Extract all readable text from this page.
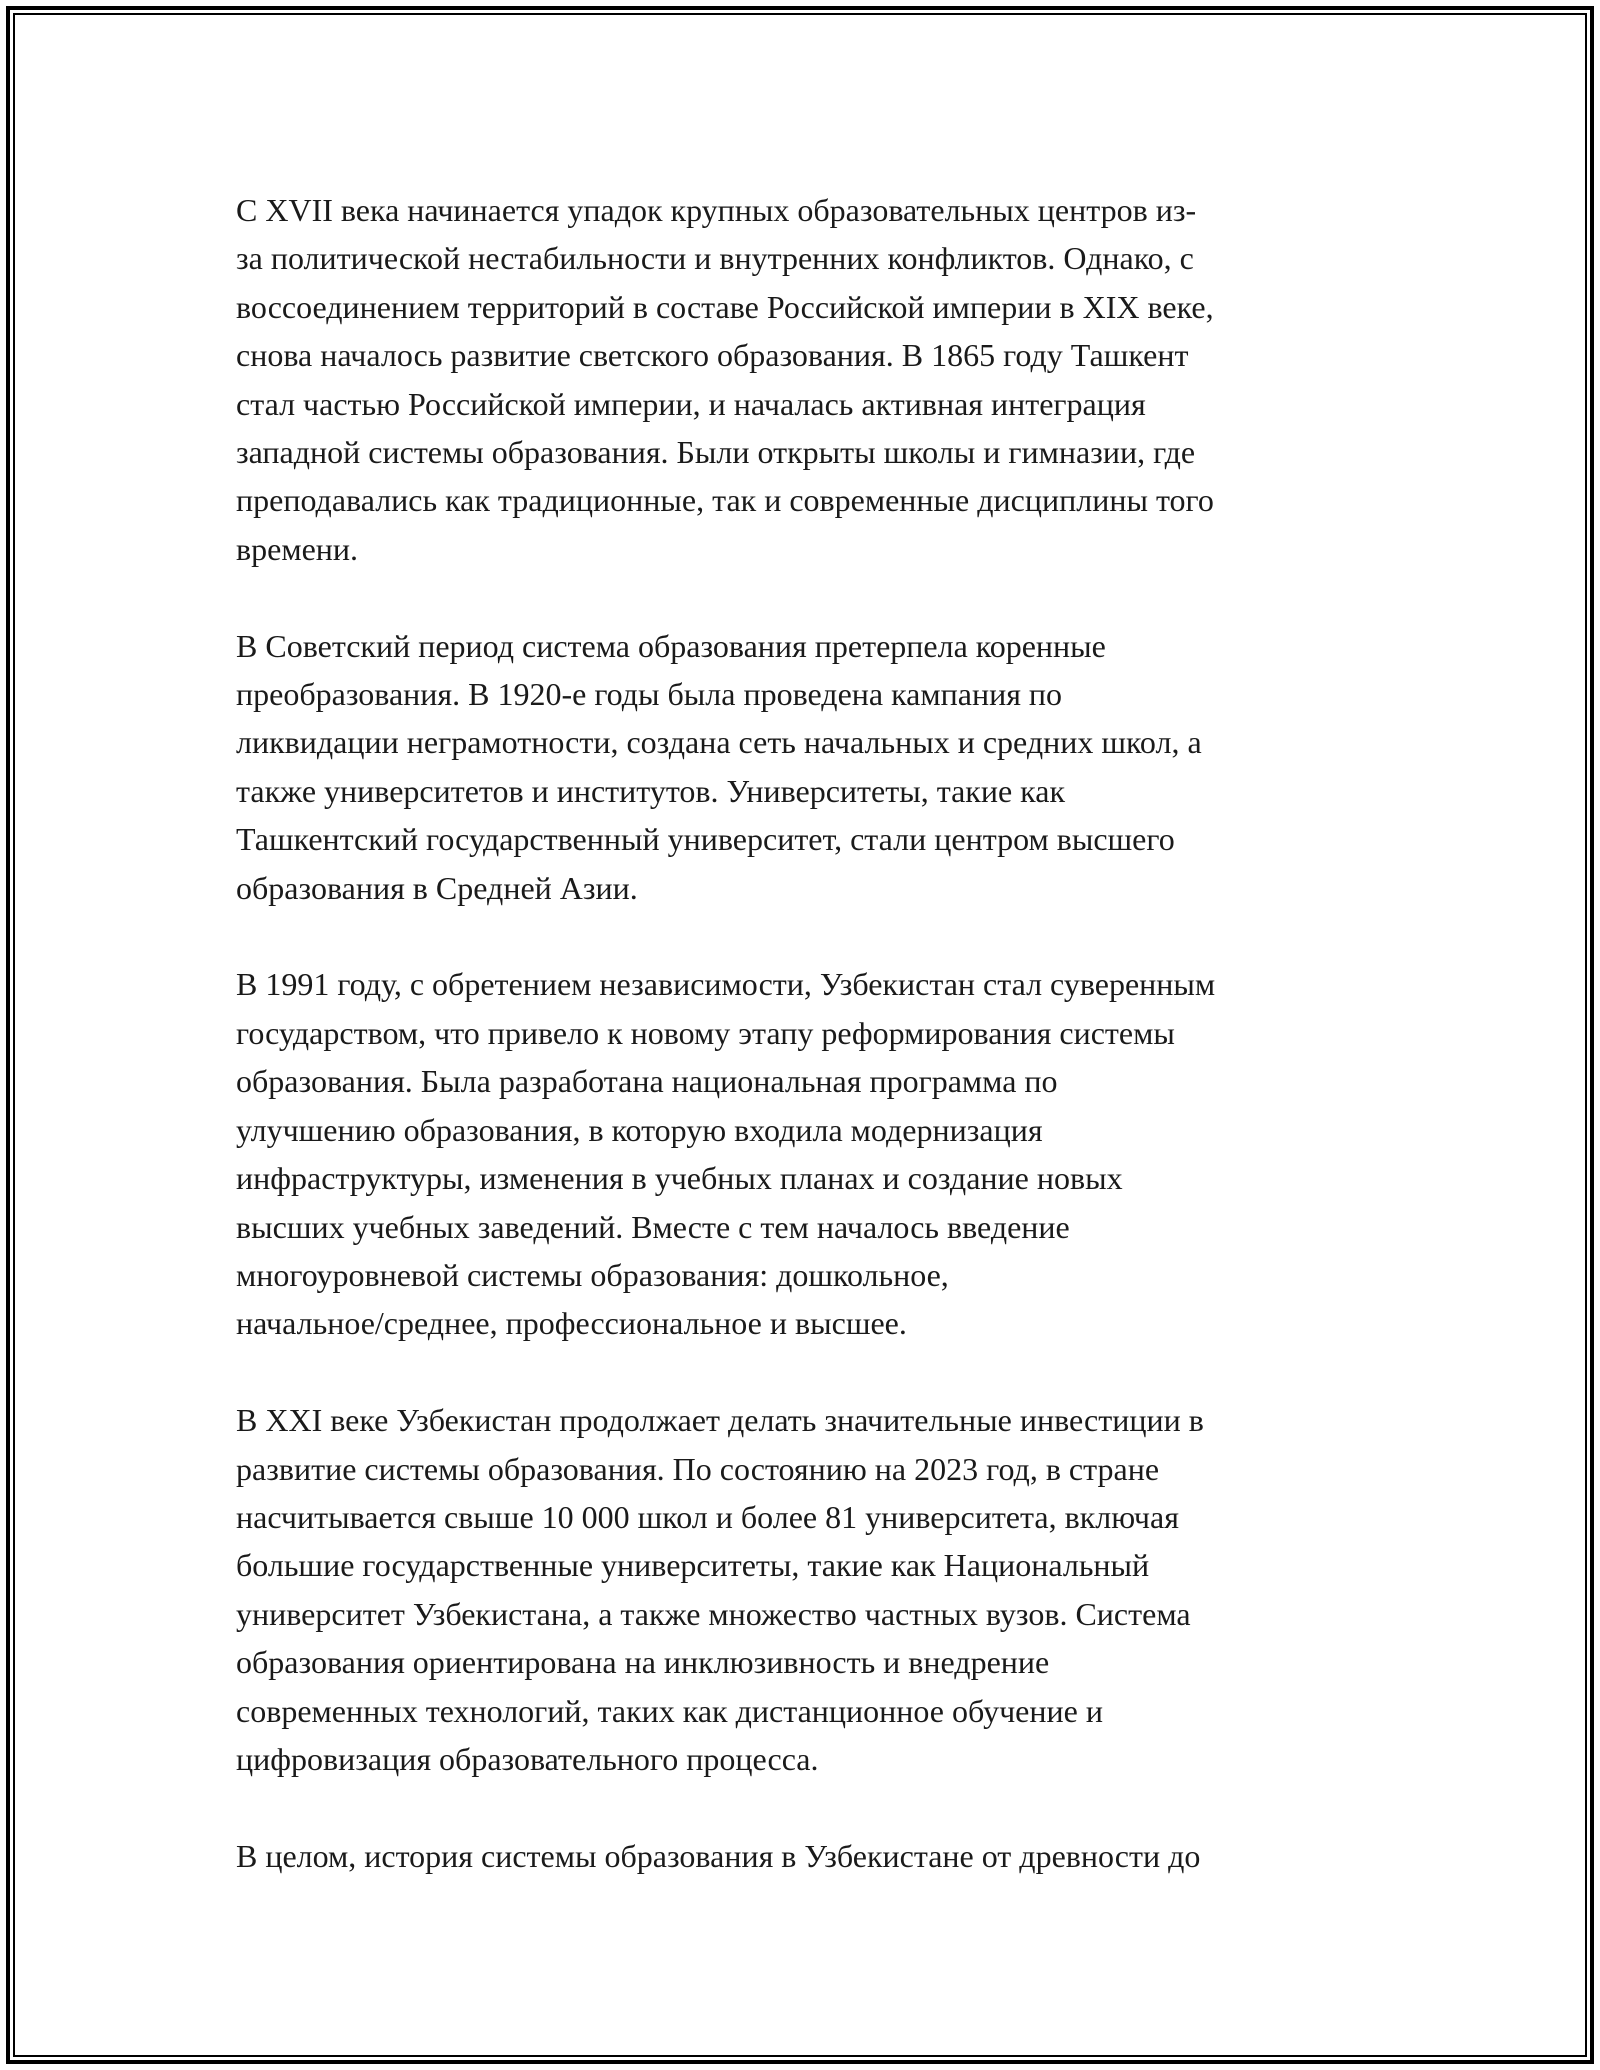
С XVII века начинается упадок крупных образовательных центров из-
за политической нестабильности и внутренних конфликтов. Однако, с
воссоединением территорий в составе Российской империи в XIX веке,
снова началось развитие светского образования. В 1865 году Ташкент
стал частью Российской империи, и началась активная интеграция
западной системы образования. Были открыты школы и гимназии, где
преподавались как традиционные, так и современные дисциплины того
времени.

В Советский период система образования претерпела коренные
преобразования. В 1920-е годы была проведена кампания по
ликвидации неграмотности, создана сеть начальных и средних школ, а
также университетов и институтов. Университеты, такие как
Ташкентский государственный университет, стали центром высшего
образования в Средней Азии.

В 1991 году, с обретением независимости, Узбекистан стал суверенным
государством, что привело к новому этапу реформирования системы
образования. Была разработана национальная программа по
улучшению образования, в которую входила модернизация
инфраструктуры, изменения в учебных планах и создание новых
высших учебных заведений. Вместе с тем началось введение
многоуровневой системы образования: дошкольное,
начальное/среднее, профессиональное и высшее.

В XXI веке Узбекистан продолжает делать значительные инвестиции в
развитие системы образования. По состоянию на 2023 год, в стране
насчитывается свыше 10 000 школ и более 81 университета, включая
большие государственные университеты, такие как Национальный
университет Узбекистана, а также множество частных вузов. Система
образования ориентирована на инклюзивность и внедрение
современных технологий, таких как дистанционное обучение и
цифровизация образовательного процесса.

В целом, история системы образования в Узбекистане от древности до
